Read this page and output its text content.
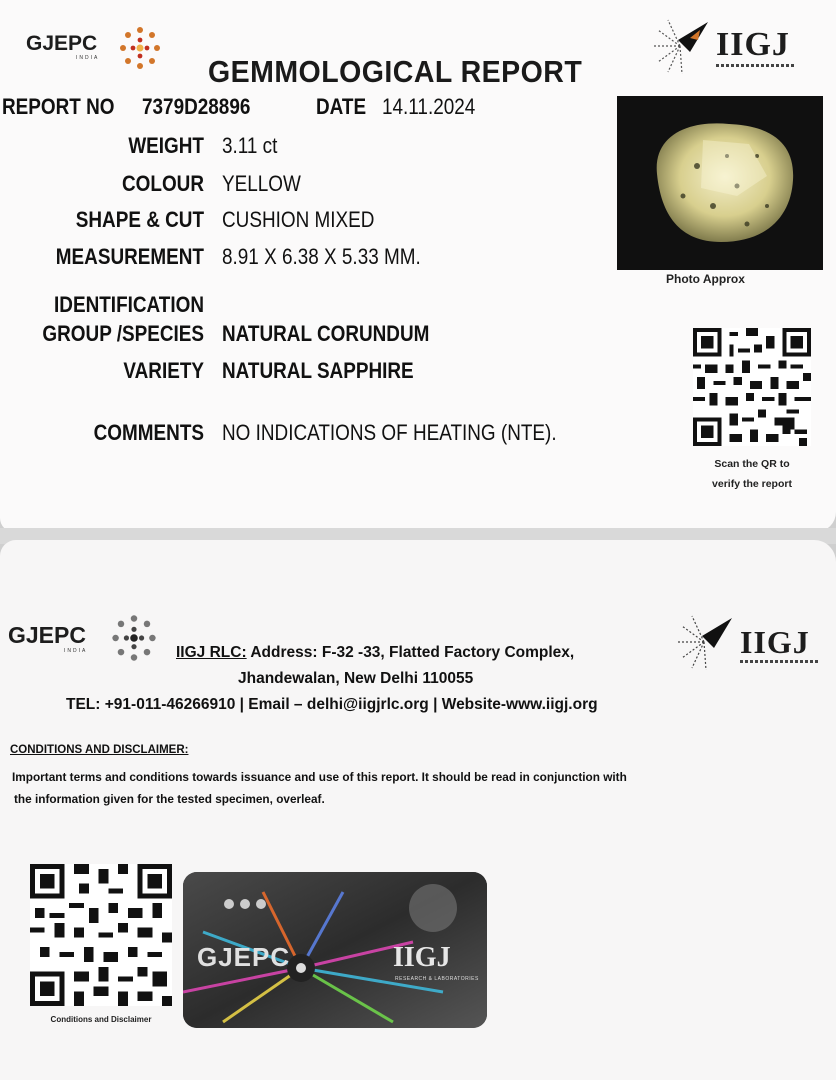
GJEPC
INDIA	IIGJ
GEMMOLOGICAL REPORT
REPORT NO 7379D28896	DATE 14.11.2024
WEIGHT 3.11 ct
COLOUR YELLOW
SHAPE & CUT CUSHION MIXED
MEASUREMENT 8.91 X 6.38 X 5.33 MM.
IDENTIFICATION
GROUP /SPECIES NATURAL CORUNDUM
VARIETY NATURAL SAPPHIRE
COMMENTS NO INDICATIONS OF HEATING (NTE).
Photo Approx
Scan the QR to
verify the report
GJEPC
INDIA	IIGJ
IIGJ RLC: Address: F-32 -33, Flatted Factory Complex,
Jhandewalan, New Delhi 110055
TEL: +91-011-46266910 | Email – delhi@iigjrlc.org | Website-www.iigj.org
CONDITIONS AND DISCLAIMER:
Important terms and conditions towards issuance and use of this report. It should be read in conjunction with
the information given for the tested specimen, overleaf.
Conditions and Disclaimer
GJEPC	IIGJ
RESEARCH & LABORATORIES
